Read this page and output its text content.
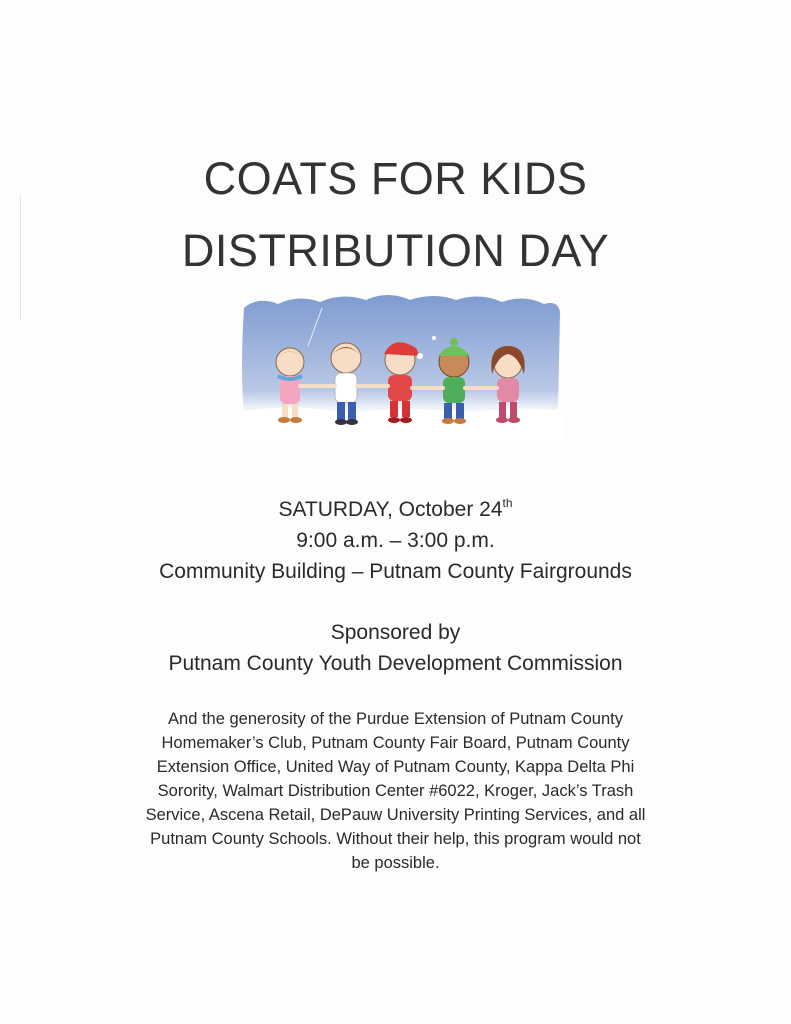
COATS FOR KIDS
DISTRIBUTION DAY
SATURDAY, October 24th
9:00 a.m. – 3:00 p.m.
Community Building – Putnam County Fairgrounds
Sponsored by
Putnam County Youth Development Commission
And the generosity of the Purdue Extension of Putnam County
Homemaker’s Club, Putnam County Fair Board, Putnam County
Extension Office, United Way of Putnam County, Kappa Delta Phi
Sorority, Walmart Distribution Center #6022, Kroger, Jack’s Trash
Service, Ascena Retail, DePauw University Printing Services, and all
Putnam County Schools. Without their help, this program would not
be possible.
